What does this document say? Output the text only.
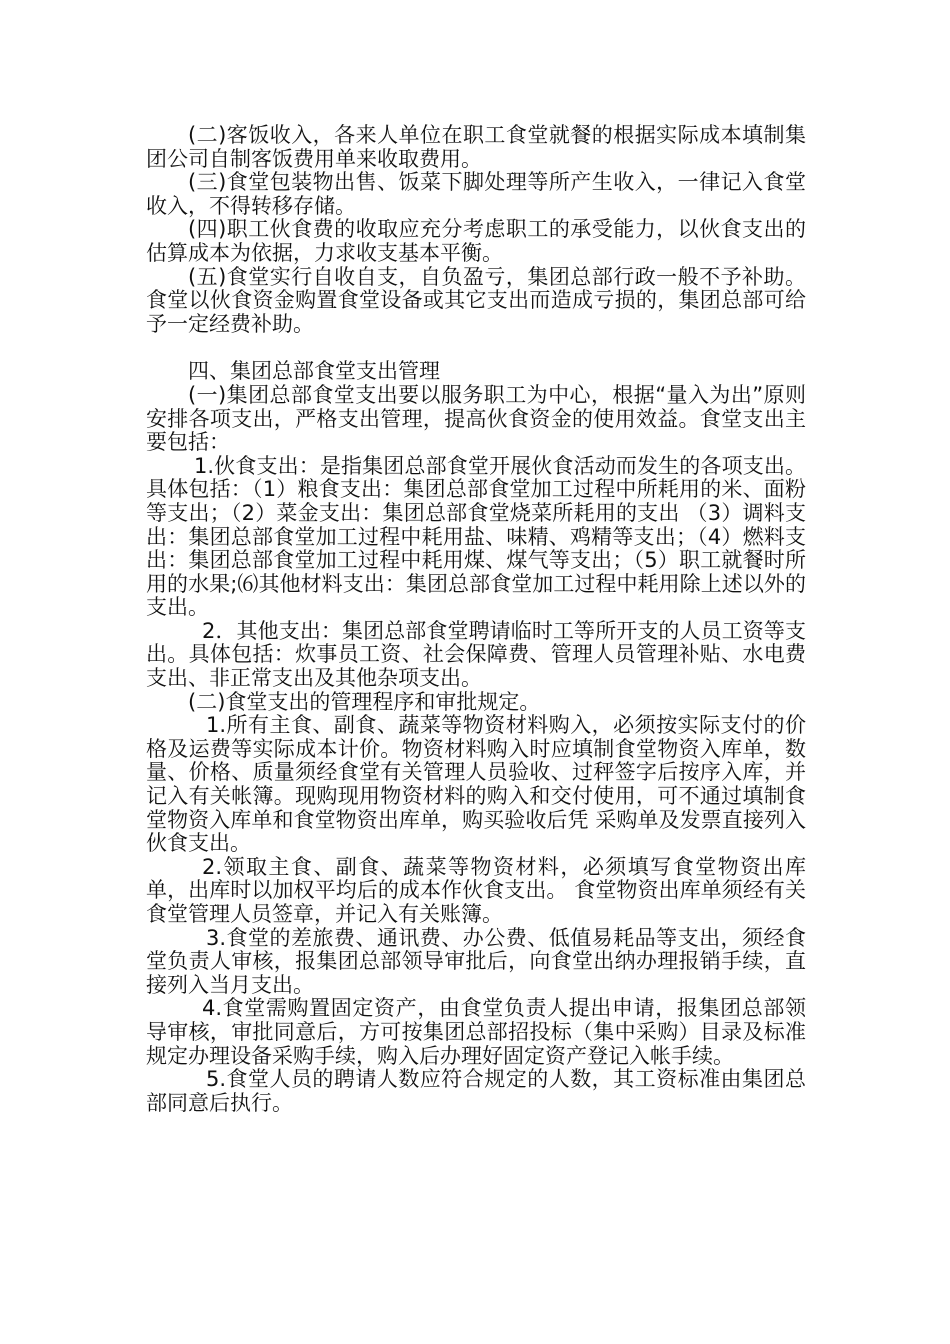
(二)客饭收入，各来人单位在职工食堂就餐的根据实际成本填制集团公司自制客饭费用单来收取费用。

(三)食堂包装物出售、饭菜下脚处理等所产生收入，一律记入食堂收入，不得转移存储。

(四)职工伙食费的收取应充分考虑职工的承受能力，以伙食支出的估算成本为依据，力求收支基本平衡。

(五)食堂实行自收自支，自负盈亏，集团总部行政一般不予补助。食堂以伙食资金购置食堂设备或其它支出而造成亏损的，集团总部可给予一定经费补助。

四、集团总部食堂支出管理

(一)集团总部食堂支出要以服务职工为中心，根据“量入为出”原则安排各项支出，严格支出管理，提高伙食资金的使用效益。食堂支出主要包括：

1.伙食支出：是指集团总部食堂开展伙食活动而发生的各项支出。具体包括：（1）粮食支出：集团总部食堂加工过程中所耗用的米、面粉等支出；（2）菜金支出：集团总部食堂烧菜所耗用的支出 （3）调料支出：集团总部食堂加工过程中耗用盐、味精、鸡精等支出；（4）燃料支出：集团总部食堂加工过程中耗用煤、煤气等支出；（5）职工就餐时所用的水果;⑹其他材料支出：集团总部食堂加工过程中耗用除上述以外的支出。

2．其他支出：集团总部食堂聘请临时工等所开支的人员工资等支出。具体包括：炊事员工资、社会保障费、管理人员管理补贴、水电费支出、非正常支出及其他杂项支出。

(二)食堂支出的管理程序和审批规定。

1.所有主食、副食、蔬菜等物资材料购入，必须按实际支付的价格及运费等实际成本计价。物资材料购入时应填制食堂物资入库单，数量、价格、质量须经食堂有关管理人员验收、过秤签字后按序入库，并记入有关帐簿。现购现用物资材料的购入和交付使用，可不通过填制食堂物资入库单和食堂物资出库单，购买验收后凭 采购单及发票直接列入伙食支出。

2.领取主食、副食、蔬菜等物资材料，必须填写食堂物资出库单，出库时以加权平均后的成本作伙食支出。 食堂物资出库单须经有关食堂管理人员签章，并记入有关账簿。

3.食堂的差旅费、通讯费、办公费、低值易耗品等支出，须经食堂负责人审核，报集团总部领导审批后，向食堂出纳办理报销手续，直接列入当月支出。

4.食堂需购置固定资产，由食堂负责人提出申请，报集团总部领导审核，审批同意后，方可按集团总部招投标（集中采购）目录及标准规定办理设备采购手续，购入后办理好固定资产登记入帐手续。

5.食堂人员的聘请人数应符合规定的人数，其工资标准由集团总部同意后执行。
